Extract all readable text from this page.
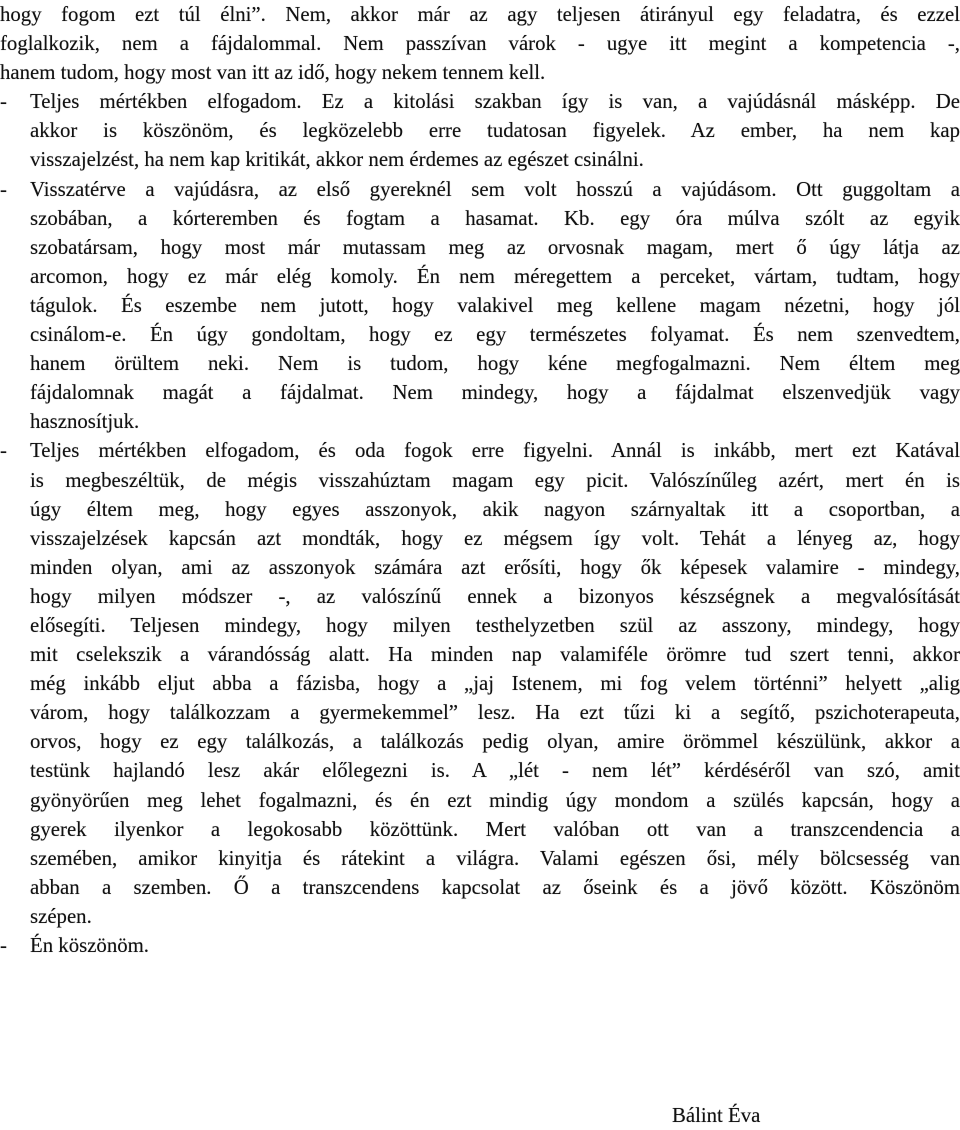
hogy fogom ezt túl élni”. Nem, akkor már az agy teljesen átirányul egy feladatra, és ezzel
foglalkozik, nem a fájdalommal. Nem passzívan várok - ugye itt megint a kompetencia -,
hanem tudom, hogy most van itt az idő, hogy nekem tennem kell.
- Teljes mértékben elfogadom. Ez a kitolási szakban így is van, a vajúdásnál másképp. De
akkor is köszönöm, és legközelebb erre tudatosan figyelek. Az ember, ha nem kap
visszajelzést, ha nem kap kritikát, akkor nem érdemes az egészet csinálni.
- Visszatérve a vajúdásra, az első gyereknél sem volt hosszú a vajúdásom. Ott guggoltam a
szobában, a kórteremben és fogtam a hasamat. Kb. egy óra múlva szólt az egyik
szobatársam, hogy most már mutassam meg az orvosnak magam, mert ő úgy látja az
arcomon, hogy ez már elég komoly. Én nem méregettem a perceket, vártam, tudtam, hogy
tágulok. És eszembe nem jutott, hogy valakivel meg kellene magam nézetni, hogy jól
csinálom-e. Én úgy gondoltam, hogy ez egy természetes folyamat. És nem szenvedtem,
hanem örültem neki. Nem is tudom, hogy kéne megfogalmazni. Nem éltem meg
fájdalomnak magát a fájdalmat. Nem mindegy, hogy a fájdalmat elszenvedjük vagy
hasznosítjuk.
- Teljes mértékben elfogadom, és oda fogok erre figyelni. Annál is inkább, mert ezt Katával
is megbeszéltük, de mégis visszahúztam magam egy picit. Valószínűleg azért, mert én is
úgy éltem meg, hogy egyes asszonyok, akik nagyon szárnyaltak itt a csoportban, a
visszajelzések kapcsán azt mondták, hogy ez mégsem így volt. Tehát a lényeg az, hogy
minden olyan, ami az asszonyok számára azt erősíti, hogy ők képesek valamire - mindegy,
hogy milyen módszer -, az valószínű ennek a bizonyos készségnek a megvalósítását
elősegíti. Teljesen mindegy, hogy milyen testhelyzetben szül az asszony, mindegy, hogy
mit cselekszik a várandósság alatt. Ha minden nap valamiféle örömre tud szert tenni, akkor
még inkább eljut abba a fázisba, hogy a „jaj Istenem, mi fog velem történni” helyett „alig
várom, hogy találkozzam a gyermekemmel” lesz. Ha ezt tűzi ki a segítő, pszichoterapeuta,
orvos, hogy ez egy találkozás, a találkozás pedig olyan, amire örömmel készülünk, akkor a
testünk hajlandó lesz akár előlegezni is. A „lét - nem lét” kérdéséről van szó, amit
gyönyörűen meg lehet fogalmazni, és én ezt mindig úgy mondom a szülés kapcsán, hogy a
gyerek ilyenkor a legokosabb közöttünk. Mert valóban ott van a transzcendencia a
szemében, amikor kinyitja és rátekint a világra. Valami egészen ősi, mély bölcsesség van
abban a szemben. Ő a transzcendens kapcsolat az őseink és a jövő között. Köszönöm
szépen.
- Én köszönöm.
Bálint Éva
